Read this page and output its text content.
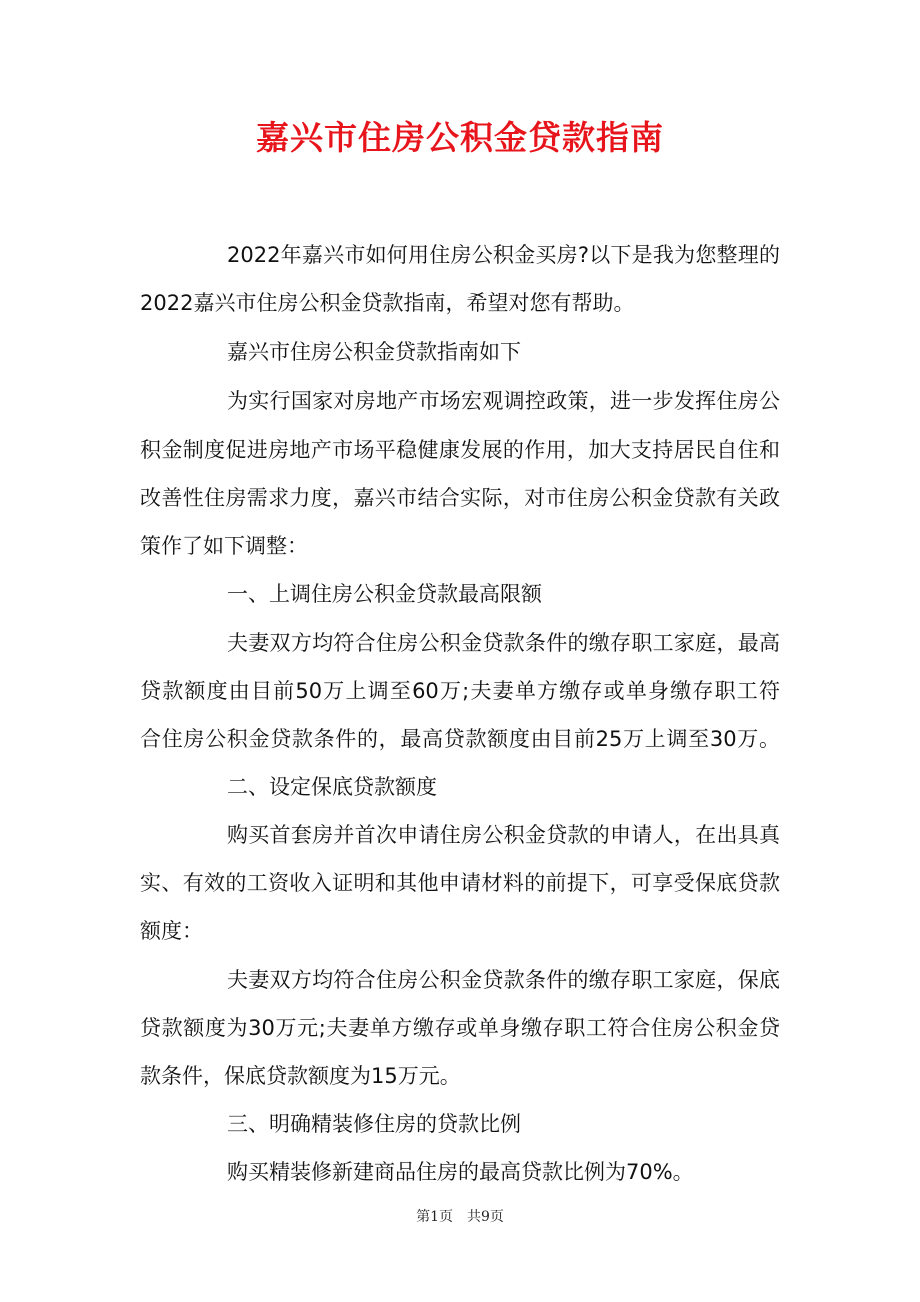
嘉兴市住房公积金贷款指南
2022年嘉兴市如何用住房公积金买房?以下是我为您整理的
2022嘉兴市住房公积金贷款指南，希望对您有帮助。
嘉兴市住房公积金贷款指南如下
为实行国家对房地产市场宏观调控政策，进一步发挥住房公
积金制度促进房地产市场平稳健康发展的作用，加大支持居民自住和
改善性住房需求力度，嘉兴市结合实际，对市住房公积金贷款有关政
策作了如下调整：
一、上调住房公积金贷款最高限额
夫妻双方均符合住房公积金贷款条件的缴存职工家庭，最高
贷款额度由目前50万上调至60万;夫妻单方缴存或单身缴存职工符
合住房公积金贷款条件的，最高贷款额度由目前25万上调至30万。
二、设定保底贷款额度
购买首套房并首次申请住房公积金贷款的申请人，在出具真
实、有效的工资收入证明和其他申请材料的前提下，可享受保底贷款
额度：
夫妻双方均符合住房公积金贷款条件的缴存职工家庭，保底
贷款额度为30万元;夫妻单方缴存或单身缴存职工符合住房公积金贷
款条件，保底贷款额度为15万元。
三、明确精装修住房的贷款比例
购买精装修新建商品住房的最高贷款比例为70%。
第1页　共9页
